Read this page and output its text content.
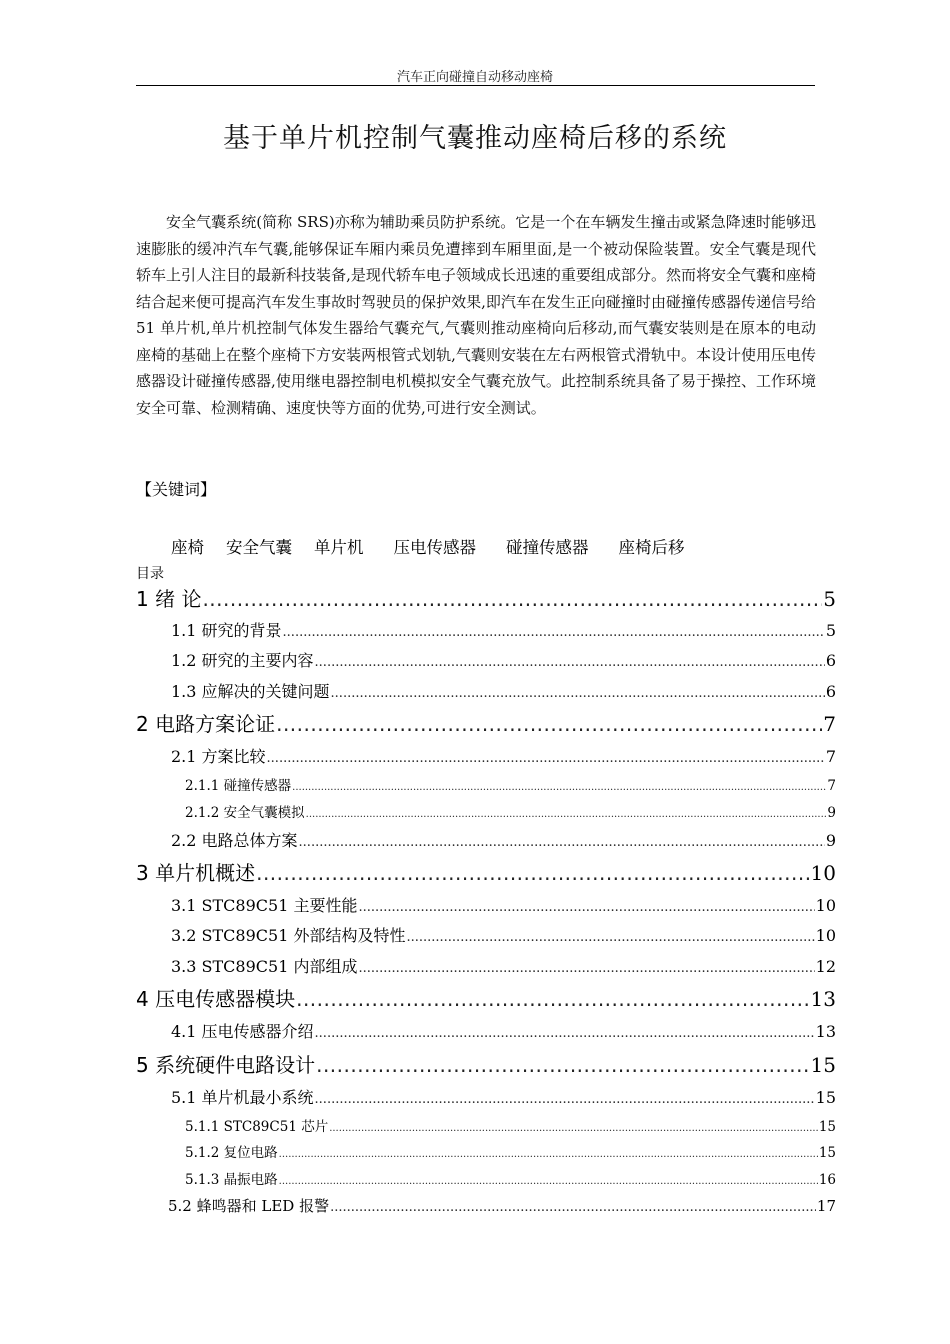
汽车正向碰撞自动移动座椅
基于单片机控制气囊推动座椅后移的系统

安全气囊系统(简称 SRS)亦称为辅助乘员防护系统。它是一个在车辆发生撞击或紧急降速时能够迅速膨胀的缓冲汽车气囊,能够保证车厢内乘员免遭摔到车厢里面,是一个被动保险装置。安全气囊是现代轿车上引人注目的最新科技装备,是现代轿车电子领域成长迅速的重要组成部分。然而将安全气囊和座椅结合起来便可提高汽车发生事故时驾驶员的保护效果,即汽车在发生正向碰撞时由碰撞传感器传递信号给 51 单片机,单片机控制气体发生器给气囊充气,气囊则推动座椅向后移动,而气囊安装则是在原本的电动座椅的基础上在整个座椅下方安装两根管式划轨,气囊则安装在左右两根管式滑轨中。本设计使用压电传感器设计碰撞传感器,使用继电器控制电机模拟安全气囊充放气。此控制系统具备了易于操控、工作环境安全可靠、检测精确、速度快等方面的优势,可进行安全测试。

【关键词】
座椅 安全气囊 单片机 压电传感器 碰撞传感器 座椅后移
目录
1 绪 论 .....	5
1.1 研究的背景 .....	5
1.2 研究的主要内容 .....	6
1.3 应解决的关键问题 .....	6
2 电路方案论证 .....	7
2.1 方案比较 .....	7
2.1.1 碰撞传感器 .....	7
2.1.2 安全气囊模拟 .....	9
2.2 电路总体方案 .....	9
3 单片机概述 .....	10
3.1 STC89C51 主要性能 .....	10
3.2 STC89C51 外部结构及特性 .....	10
3.3 STC89C51 内部组成 .....	12
4 压电传感器模块 .....	13
4.1 压电传感器介绍 .....	13
5 系统硬件电路设计 .....	15
5.1 单片机最小系统 .....	15
5.1.1 STC89C51 芯片 .....	15
5.1.2 复位电路 .....	15
5.1.3 晶振电路 .....	16
5.2 蜂鸣器和 LED 报警 .....	17
